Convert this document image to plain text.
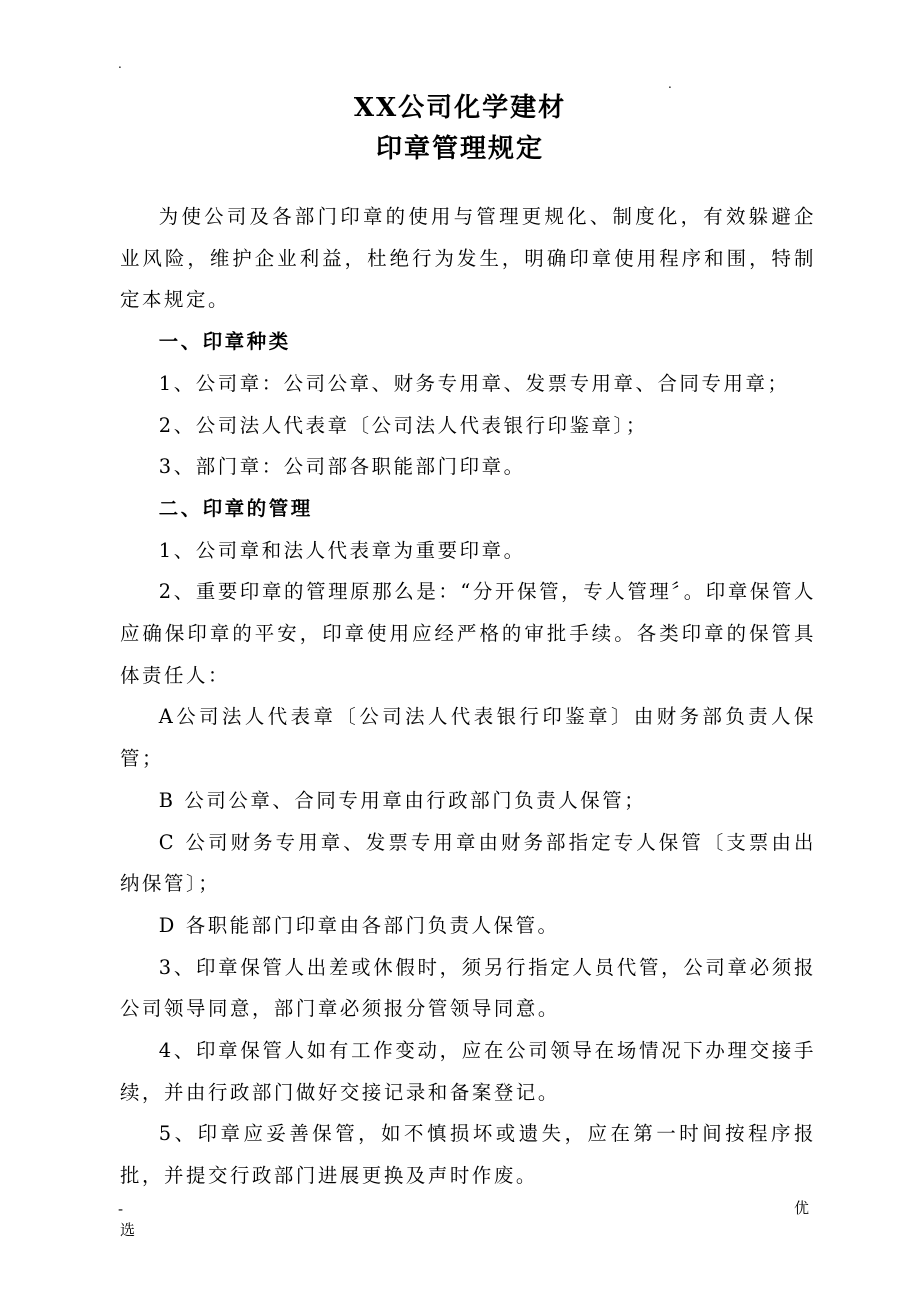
.
.
XX公司化学建材
印章管理规定

为使公司及各部门印章的使用与管理更规化、制度化，有效躲避企业风险，维护企业利益，杜绝行为发生，明确印章使用程序和围，特制定本规定。

一、印章种类

1、公司章：公司公章、财务专用章、发票专用章、合同专用章；

2、公司法人代表章〔公司法人代表银行印鉴章〕；

3、部门章：公司部各职能部门印章。

二、印章的管理

1、公司章和法人代表章为重要印章。

2、重要印章的管理原那么是：“分开保管，专人管理〞。印章保管人应确保印章的平安，印章使用应经严格的审批手续。各类印章的保管具体责任人：

A公司法人代表章〔公司法人代表银行印鉴章〕由财务部负责人保管；

B 公司公章、合同专用章由行政部门负责人保管；

C 公司财务专用章、发票专用章由财务部指定专人保管〔支票由出纳保管〕；

D 各职能部门印章由各部门负责人保管。

3、印章保管人出差或休假时，须另行指定人员代管，公司章必须报公司领导同意，部门章必须报分管领导同意。

4、印章保管人如有工作变动，应在公司领导在场情况下办理交接手续，并由行政部门做好交接记录和备案登记。

5、印章应妥善保管，如不慎损坏或遗失，应在第一时间按程序报批，并提交行政部门进展更换及声时作废。

-
选
优
